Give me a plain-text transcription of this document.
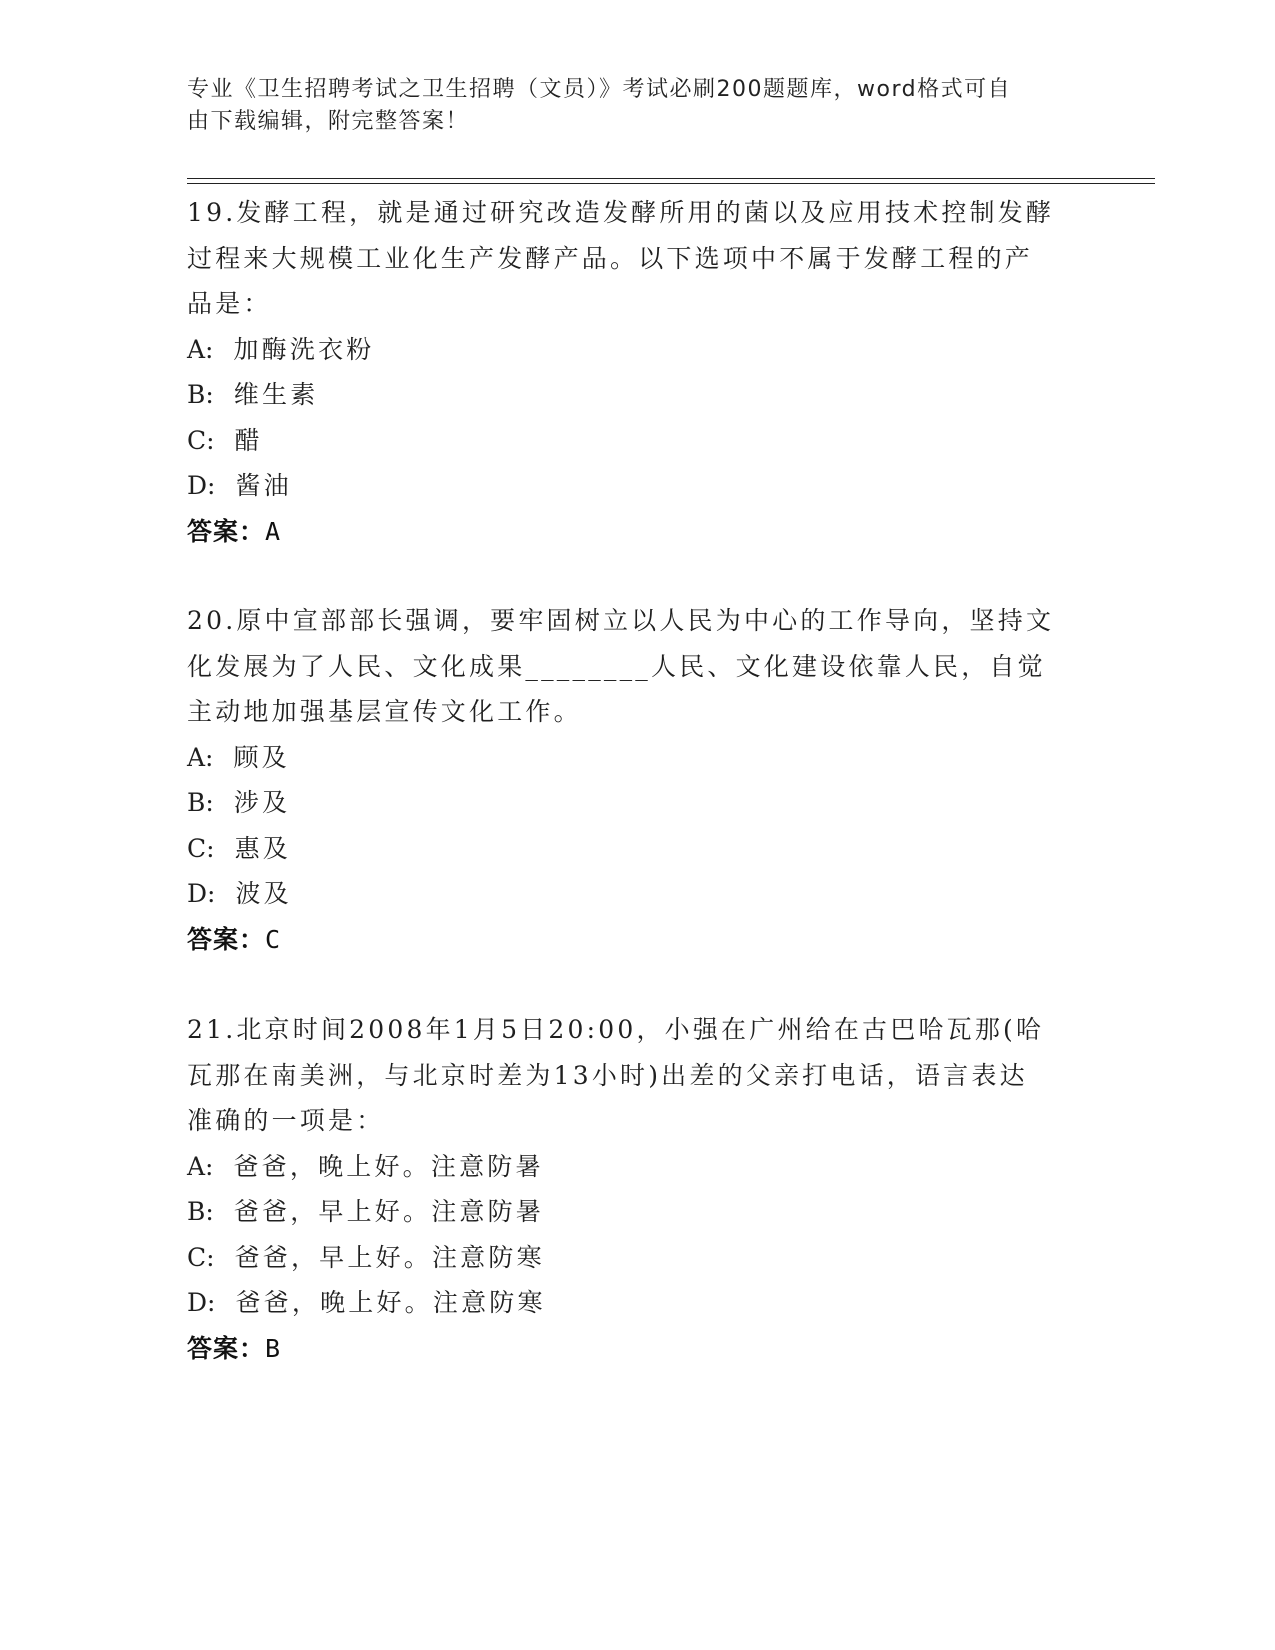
专业《卫生招聘考试之卫生招聘（文员）》考试必刷200题题库，word格式可自
由下载编辑，附完整答案！

19.发酵工程，就是通过研究改造发酵所用的菌以及应用技术控制发酵

过程来大规模工业化生产发酵产品。以下选项中不属于发酵工程的产

品是：

A: 加酶洗衣粉

B: 维生素

C: 醋

D: 酱油

答案：A

20.原中宣部部长强调，要牢固树立以人民为中心的工作导向，坚持文

化发展为了人民、文化成果________人民、文化建设依靠人民，自觉

主动地加强基层宣传文化工作。

A: 顾及

B: 涉及

C: 惠及

D: 波及

答案：C

21.北京时间2008年1月5日20:00，小强在广州给在古巴哈瓦那(哈

瓦那在南美洲，与北京时差为13小时)出差的父亲打电话，语言表达

准确的一项是：

A: 爸爸，晚上好。注意防暑

B: 爸爸，早上好。注意防暑

C: 爸爸，早上好。注意防寒

D: 爸爸，晚上好。注意防寒

答案：B
